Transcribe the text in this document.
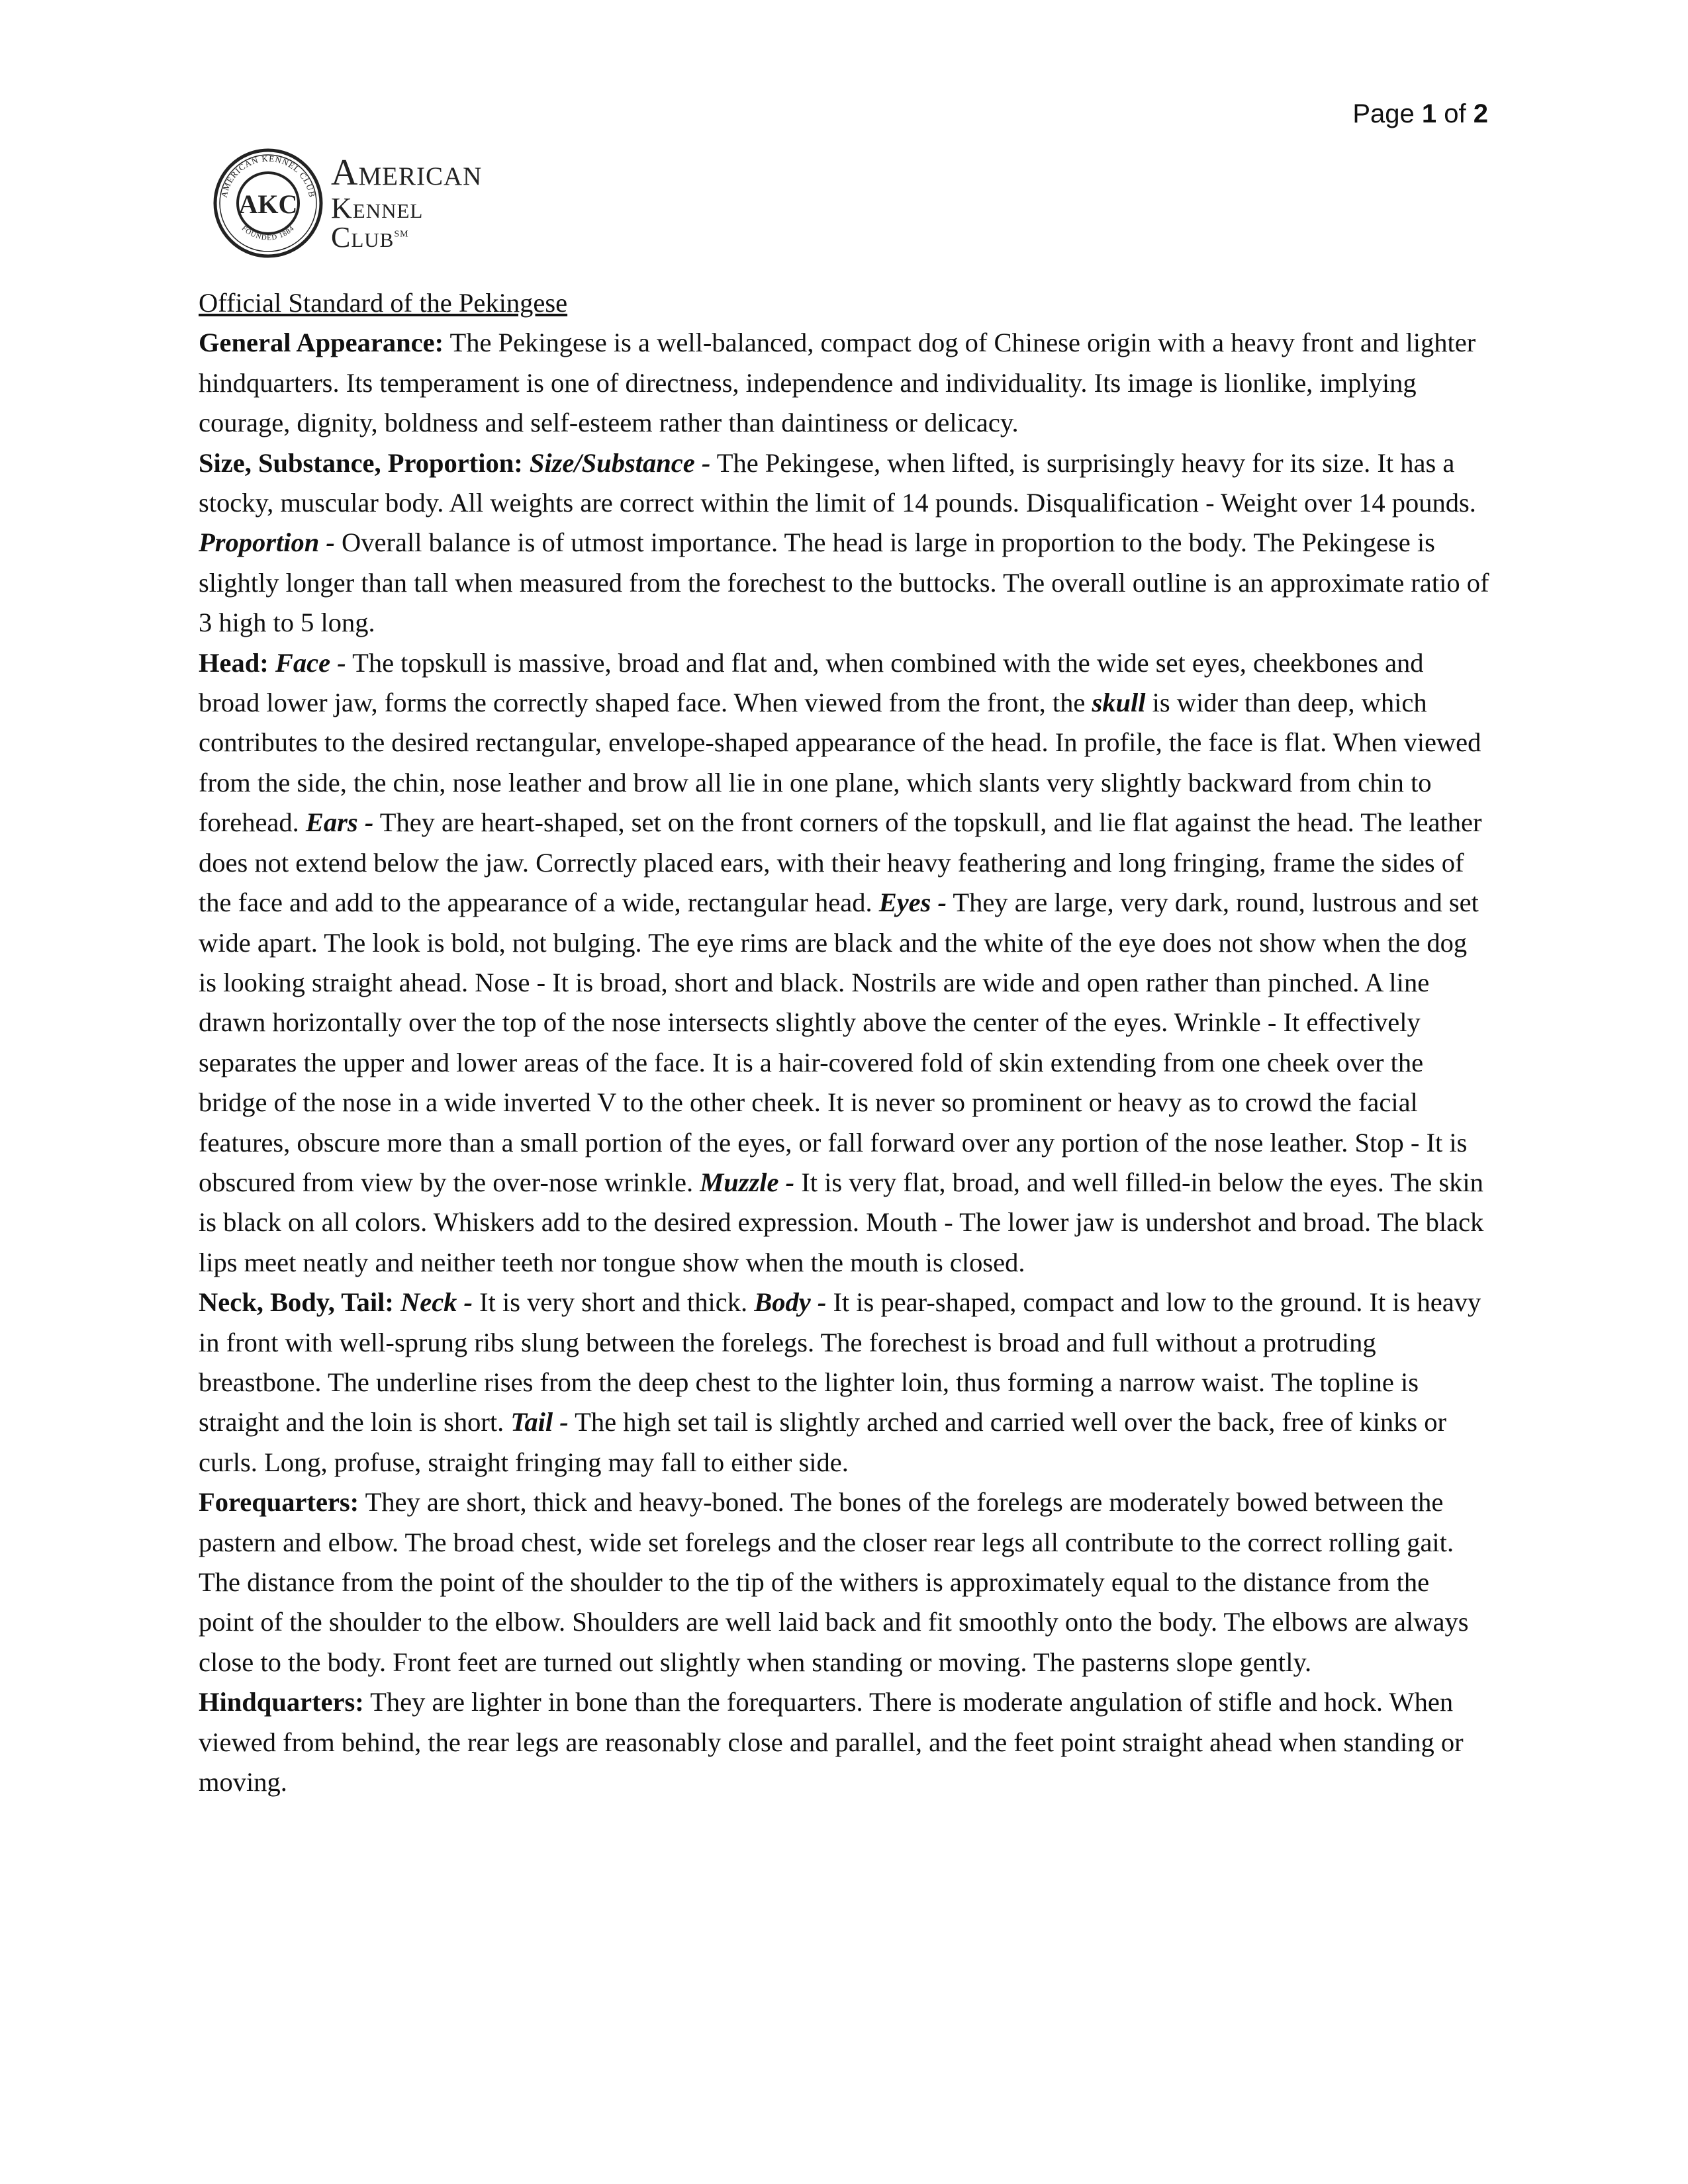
Page 1 of 2
AMERICAN KENNEL CLUB
FOUNDED 1884
AKC
American
Kennel Club℠

Official Standard of the Pekingese

General Appearance: The Pekingese is a well-balanced, compact dog of Chinese origin with a heavy front and lighter hindquarters. Its temperament is one of directness, independence and individuality. Its image is lionlike, implying courage, dignity, boldness and self-esteem rather than daintiness or delicacy.

Size, Substance, Proportion: Size/Substance - The Pekingese, when lifted, is surprisingly heavy for its size. It has a stocky, muscular body. All weights are correct within the limit of 14 pounds. Disqualification - Weight over 14 pounds. Proportion - Overall balance is of utmost importance. The head is large in proportion to the body. The Pekingese is slightly longer than tall when measured from the forechest to the buttocks. The overall outline is an approximate ratio of 3 high to 5 long.

Head: Face - The topskull is massive, broad and flat and, when combined with the wide set eyes, cheekbones and broad lower jaw, forms the correctly shaped face. When viewed from the front, the skull is wider than deep, which contributes to the desired rectangular, envelope-shaped appearance of the head. In profile, the face is flat. When viewed from the side, the chin, nose leather and brow all lie in one plane, which slants very slightly backward from chin to forehead. Ears - They are heart-shaped, set on the front corners of the topskull, and lie flat against the head. The leather does not extend below the jaw. Correctly placed ears, with their heavy feathering and long fringing, frame the sides of the face and add to the appearance of a wide, rectangular head. Eyes - They are large, very dark, round, lustrous and set wide apart. The look is bold, not bulging. The eye rims are black and the white of the eye does not show when the dog is looking straight ahead. Nose - It is broad, short and black. Nostrils are wide and open rather than pinched. A line drawn horizontally over the top of the nose intersects slightly above the center of the eyes. Wrinkle - It effectively separates the upper and lower areas of the face. It is a hair-covered fold of skin extending from one cheek over the bridge of the nose in a wide inverted V to the other cheek. It is never so prominent or heavy as to crowd the facial features, obscure more than a small portion of the eyes, or fall forward over any portion of the nose leather. Stop - It is obscured from view by the over-nose wrinkle. Muzzle - It is very flat, broad, and well filled-in below the eyes. The skin is black on all colors. Whiskers add to the desired expression. Mouth - The lower jaw is undershot and broad. The black lips meet neatly and neither teeth nor tongue show when the mouth is closed.

Neck, Body, Tail: Neck - It is very short and thick. Body - It is pear-shaped, compact and low to the ground. It is heavy in front with well-sprung ribs slung between the forelegs. The forechest is broad and full without a protruding breastbone. The underline rises from the deep chest to the lighter loin, thus forming a narrow waist. The topline is straight and the loin is short. Tail - The high set tail is slightly arched and carried well over the back, free of kinks or curls. Long, profuse, straight fringing may fall to either side.

Forequarters: They are short, thick and heavy-boned. The bones of the forelegs are moderately bowed between the pastern and elbow. The broad chest, wide set forelegs and the closer rear legs all contribute to the correct rolling gait. The distance from the point of the shoulder to the tip of the withers is approximately equal to the distance from the point of the shoulder to the elbow. Shoulders are well laid back and fit smoothly onto the body. The elbows are always close to the body. Front feet are turned out slightly when standing or moving. The pasterns slope gently.

Hindquarters: They are lighter in bone than the forequarters. There is moderate angulation of stifle and hock. When viewed from behind, the rear legs are reasonably close and parallel, and the feet point straight ahead when standing or moving.
